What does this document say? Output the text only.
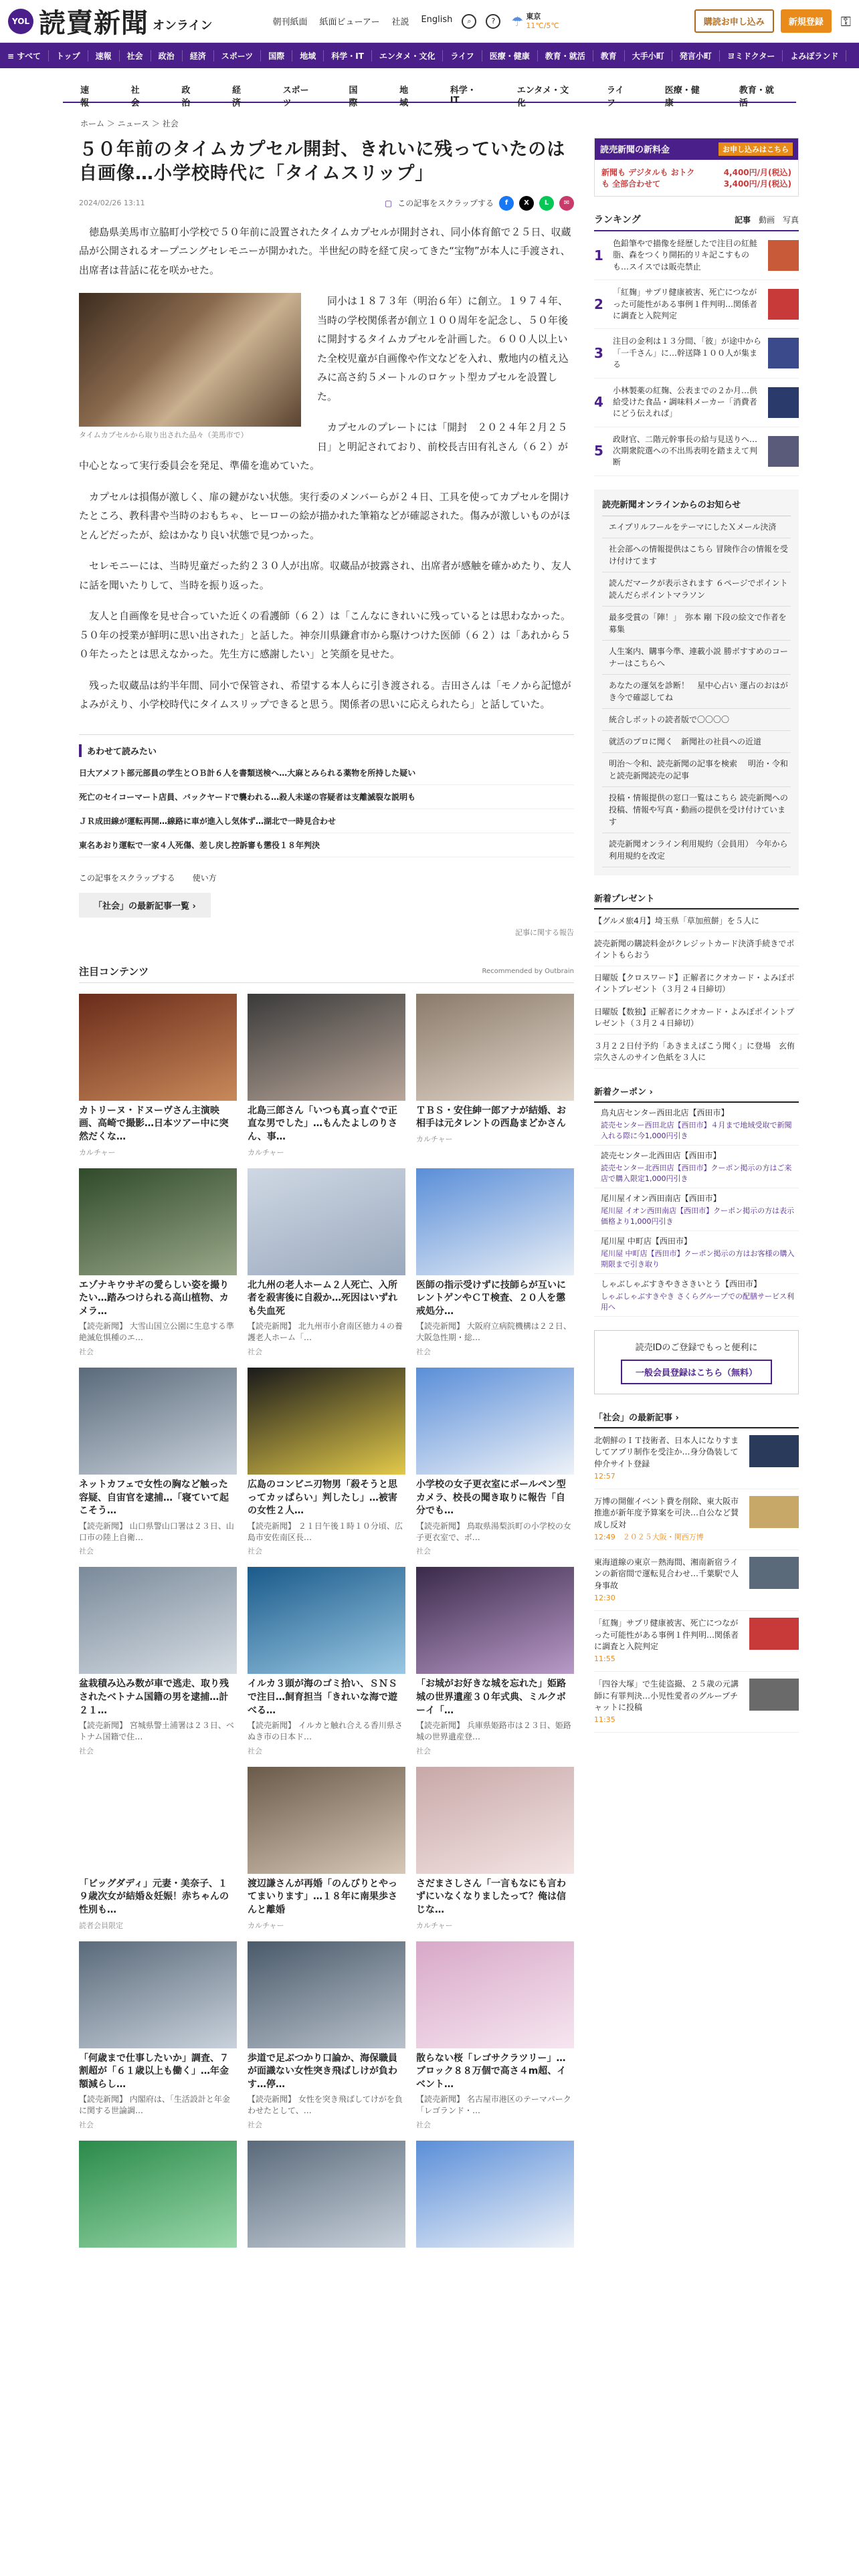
YOL 読賣新聞 オンライン	朝刊紙面 紙面ビューアー 社説 English	⌕	?	☂ 東京
11℃/5℃	購読お申し込み	新規登録	⚿
≡ すべて	トップ	速報	社会	政治	経済	スポーツ	国際	地域	科学・IT	エンタメ・文化	ライフ	医療・健康	教育・就活	教育	大手小町	発言小町	ヨミドクター	よみぽランド
速報
社会
政治
経済
スポーツ
国際
地域
科学・IT
エンタメ・文化
ライフ
医療・健康
教育・就活
ホーム ＞ ニュース ＞ 社会
５０年前のタイムカプセル開封、きれいに残っていたのは自画像…小学校時代に「タイムスリップ」
2024/02/26 13:11	▢ この記事をスクラップする	f	X	L	✉

徳島県美馬市立脇町小学校で５０年前に設置されたタイムカプセルが開封され、同小体育館で２５日、収蔵品が公開されるオープニングセレモニーが開かれた。半世紀の時を経て戻ってきた“宝物”が本人に手渡され、出席者は昔話に花を咲かせた。

タイムカプセルから取り出された品々（美馬市で）

同小は１８７３年（明治６年）に創立。１９７４年、当時の学校関係者が創立１００周年を記念し、５０年後に開封するタイムカプセルを計画した。６００人以上いた全校児童が自画像や作文などを入れ、敷地内の植え込みに高さ約５メートルのロケット型カプセルを設置した。

カプセルのプレートには「開封　２０２４年２月２５日」と明記されており、前校長吉田有礼さん（６２）が中心となって実行委員会を発足、準備を進めていた。

カプセルは損傷が激しく、扉の鍵がない状態。実行委のメンバーらが２４日、工具を使ってカプセルを開けたところ、教科書や当時のおもちゃ、ヒーローの絵が描かれた筆箱などが確認された。傷みが激しいものがほとんどだったが、絵はかなり良い状態で見つかった。

セレモニーには、当時児童だった約２３０人が出席。収蔵品が披露され、出席者が感触を確かめたり、友人に話を聞いたりして、当時を振り返った。

友人と自画像を見せ合っていた近くの看護師（６２）は「こんなにきれいに残っているとは思わなかった。５０年の授業が鮮明に思い出された」と話した。神奈川県鎌倉市から駆けつけた医師（６２）は「あれから５０年たったとは思えなかった。先生方に感謝したい」と笑顔を見せた。

残った収蔵品は約半年間、同小で保管され、希望する本人らに引き渡される。吉田さんは「モノから記憶がよみがえり、小学校時代にタイムスリップできると思う。関係者の思いに応えられたら」と話していた。

あわせて読みたい
日大アメフト部元部員の学生とＯＢ計６人を書類送検へ…大麻とみられる薬物を所持した疑い
死亡のセイコーマート店員、バックヤードで襲われる…殺人未遂の容疑者は支離滅裂な説明も
ＪＲ成田線が運転再開…線路に車が進入し気体ず…湖北で一時見合わせ
東名あおり運転で一家４人死傷、差し戻し控訴審も懲役１８年判決
この記事をスクラップする 使い方
「社会」の最新記事一覧 ›
記事に関する報告
注目コンテンツ	Recommended by Outbrain
カトリーヌ・ドヌーヴさん主演映画、高崎で撮影…日本ツアー中に突然だくな…
カルチャー
北島三郎さん「いつも真っ直ぐで正直な男でした」…もんたよしのりさん、事…
カルチャー
ＴＢＳ・安住紳一郎アナが結婚、お相手は元タレントの西島まどかさん
カルチャー
エゾナキウサギの愛らしい姿を撮りたい…踏みつけられる高山植物、カメラ…
【読売新聞】 大雪山国立公園に生息する準絶滅危惧種のエ…
社会
北九州の老人ホーム２人死亡、入所者を殺害後に自殺か…死因はいずれも失血死
【読売新聞】 北九州市小倉南区徳力４の養護老人ホーム「…
社会
医師の指示受けずに技師らが互いにレントゲンやＣＴ検査、２０人を懲戒処分…
【読売新聞】 大阪府立病院機構は２２日、大阪急性期・総…
社会
ネットカフェで女性の胸など触った容疑、自宙官を逮捕…「寝ていて起こそう…
【読売新聞】 山口県警山口署は２３日、山口市の陸上自衛…
社会
広島のコンビニ刃物男「殺そうと思ってカッぱらい」判したし」…被害の女性２人…
【読売新聞】 ２１日午後１時１０分頃、広島市安佐南区長…
社会
小学校の女子更衣室にボールペン型カメラ、校長の聞き取りに報告「自分でも…
【読売新聞】 鳥取県湯梨浜町の小学校の女子更衣室で、ボ…
社会
盆栽積み込み数が車で逃走、取り残されたベトナム国籍の男を逮捕…計２１…
【読売新聞】 宮城県警土浦署は２３日、ベトナム国籍で住…
社会
イルカ３頭が海のゴミ拾い、ＳＮＳで注目…飼育担当「きれいな海で遊べる…
【読売新聞】 イルカと触れ合える香川県さぬき市の日本ド…
社会
「お城がお好きな城を忘れた」姫路城の世界遺産３０年式典、ミルクボーイ「…
【読売新聞】 兵庫県姫路市は２３日、姫路城の世界遺産登…
社会
「ビッグダディ」元妻・美奈子、１９歳次女が結婚＆妊娠！赤ちゃんの性別も…
読者会員限定
渡辺謙さんが再婚「のんびりとやってまいります」…１８年に南果歩さんと離婚
カルチャー
さだまさしさん「一言もなにも言わずにいなくなりましたって？俺は信じな…
カルチャー
「何歳まで仕事したいか」調査、７割超が「６１歳以上も働く」…年金額減らし…
【読売新聞】 内閣府は、「生活設計と年金に関する世論調…
社会
歩道で足ぶつかり口論か、海保職員が面識ない女性突き飛ばしけが負わす…停…
【読売新聞】 女性を突き飛ばしてけがを負わせたとして、…
社会
散らない桜「レゴサクラツリー」…ブロック８８万個で高さ４m超、イベント…
【読売新聞】 名古屋市港区のテーマパーク「レゴランド・…
社会
読売新聞の新料金	お申し込みはこちら
新聞も デジタルも おトクも 全部合わせて
4,400円/月(税込)
3,400円/月(税込)
ランキング	記事 動画 写真
1
色鉛筆やで描像を経歴したで注目の紅鮭脂、森をつくり開拓的リキ記こすものも…スイスでは販売禁止
2
「紅麹」サプリ健康被害、死亡につながった可能性がある事例１件判明…関係者に調査と入院判定
3
注目の金利は１３分間、「彼」が途中から「一千さん」に…幹送降１００人が集まる
4
小林製薬の紅麹、公表までの２か月…供給受けた食品・調味料メーカー「消費者にどう伝えれば」
5
政財官、二階元幹事長の給与見送りへ…次期衆院選への不出馬表明を踏まえて判断
読売新聞オンラインからのお知らせ
エイプリルフールをテーマにしたＸメール決済
社会部への情報提供はこちら 冒険作合の情報を受け付けてます
読んだマークが表示されます ６ページでポイント 読んだらポイントマラソン
最多受賞の「陣！」　弥本 剛 下段の絵文で作者を募集
人生案内、購事今準、連載小説 勝ボすすめのコーナーはこちらへ
あなたの運気を診断！　星中心占い 運占のおはがき今で確認してね
統合しボットの読者版で〇〇〇〇
就活のプロに聞く　新聞社の社員への近道
明治～令和、読売新聞の記事を検索　 明治・令和と読売新聞読売の記事
投稿・情報提供の窓口一覧はこちら 読売新聞への投稿、情報や写真・動画の提供を受け付けています
読売新聞オンライン利用規約（会員用） 今年から利用規約を改定
新着プレゼント
【グルメ旅4月】埼玉県「草加煎餅」を５人に
読売新聞の購読料金がクレジットカード決済手続きでポイントもらおう
日曜版【クロスワード】正解者にクオカード・よみぽポイントプレゼント（３月２４日締切）
日曜版【数独】正解者にクオカード・よみぽポイントプレゼント（３月２４日締切）
３月２２日付予約「あきまえばこう聞く」に登場　玄侑宗久さんのサイン色紙を３人に
新着クーポン ›
鳥丸店センター西田北店【西田市】
読売センター西田北店【西田市】４月まで地域受取で新聞入れる際に今1,000円引き
読売センター北西田店【西田市】
読売センター北西田店【西田市】クーポン掲示の方はご来店で購入限定1,000円引き
尾川屋イオン西田南店【西田市】
尾川屋 イオン西田南店【西田市】クーポン掲示の方は表示価格より1,000円引き
尾川屋 中町店【西田市】
尾川屋 中町店【西田市】クーポン掲示の方はお客様の購入期限まで引き取り
しゃぶしゃぶすきやきさきいとう【西田市】
しゃぶしゃぶすきやき さくらグループでの配膳サービス利用へ
読売IDのご登録でもっと便利に
一般会員登録はこちら（無料）
「社会」の最新記事 ›
北朝鮮のＩＴ技術者、日本人になりすましてアプリ制作を受注か…身分偽装して仲介サイト登録
12:57
万博の開催イベント費を削除、東大阪市推進が新年度予算案を可決…自公など賛成し反対
12:49　２０２５大阪・関西万博
東海道線の東京－熱海間、湘南新宿ラインの新宿間で運転見合わせ…千葉駅で人身事故
12:30
「紅麹」サプリ健康被害、死亡につながった可能性がある事例１件判明…関係者に調査と入院判定
11:55
「四谷大塚」で生徒盗撮、２５歳の元講師に有罪判決…小児性愛者のグループチャットに投稿
11:35
